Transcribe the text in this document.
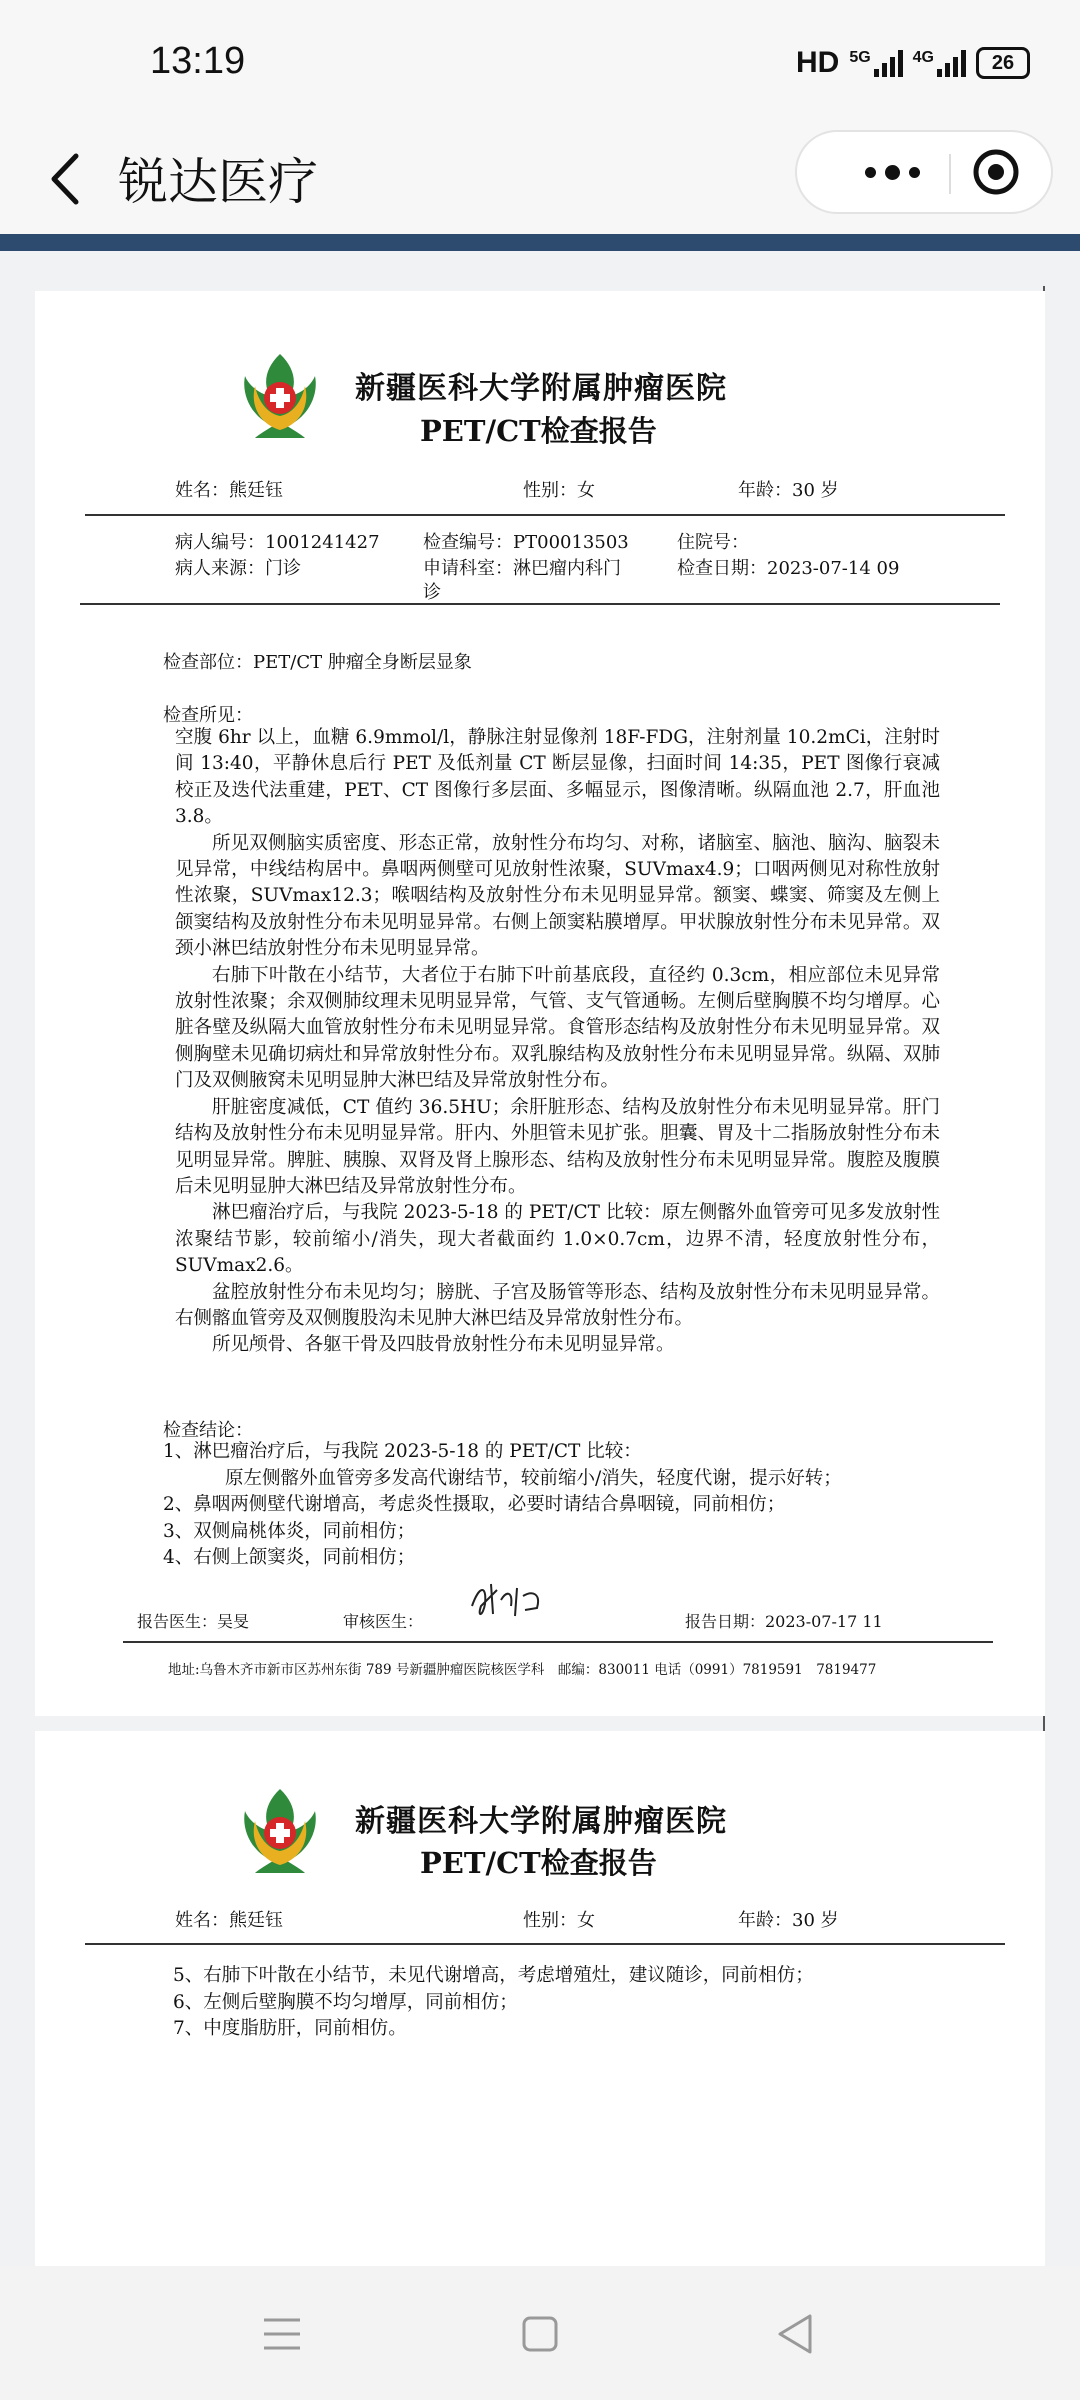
13:19	HD 5G	4G	26
锐达医疗
新疆医科大学附属肿瘤医院
PET/CT检查报告
姓名：熊廷钰	性别：女	年龄：30 岁
病人编号：1001241427 检查编号：PT00013503	住院号：
病人来源：门诊	申请科室：淋巴瘤内科门	检查日期：2023-07-14 09
诊
检查部位：PET/CT 肿瘤全身断层显象
检查所见：

空腹 6hr 以上，血糖 6.9mmol/l，静脉注射显像剂 18F-FDG，注射剂量 10.2mCi，注射时间 13:40，平静休息后行 PET 及低剂量 CT 断层显像，扫面时间 14:35，PET 图像行衰减校正及迭代法重建，PET、CT 图像行多层面、多幅显示，图像清晰。纵隔血池 2.7，肝血池 3.8。

所见双侧脑实质密度、形态正常，放射性分布均匀、对称，诸脑室、脑池、脑沟、脑裂未见异常，中线结构居中。鼻咽两侧壁可见放射性浓聚，SUVmax4.9；口咽两侧见对称性放射性浓聚，SUVmax12.3；喉咽结构及放射性分布未见明显异常。额窦、蝶窦、筛窦及左侧上颌窦结构及放射性分布未见明显异常。右侧上颌窦粘膜增厚。甲状腺放射性分布未见异常。双颈小淋巴结放射性分布未见明显异常。

右肺下叶散在小结节，大者位于右肺下叶前基底段，直径约 0.3cm，相应部位未见异常放射性浓聚；余双侧肺纹理未见明显异常，气管、支气管通畅。左侧后壁胸膜不均匀增厚。心脏各壁及纵隔大血管放射性分布未见明显异常。食管形态结构及放射性分布未见明显异常。双侧胸壁未见确切病灶和异常放射性分布。双乳腺结构及放射性分布未见明显异常。纵隔、双肺门及双侧腋窝未见明显肿大淋巴结及异常放射性分布。

肝脏密度减低，CT 值约 36.5HU；余肝脏形态、结构及放射性分布未见明显异常。肝门结构及放射性分布未见明显异常。肝内、外胆管未见扩张。胆囊、胃及十二指肠放射性分布未见明显异常。脾脏、胰腺、双肾及肾上腺形态、结构及放射性分布未见明显异常。腹腔及腹膜后未见明显肿大淋巴结及异常放射性分布。

淋巴瘤治疗后，与我院 2023-5-18 的 PET/CT 比较：原左侧髂外血管旁可见多发放射性浓聚结节影，较前缩小/消失，现大者截面约 1.0×0.7cm，边界不清，轻度放射性分布，SUVmax2.6。

盆腔放射性分布未见均匀；膀胱、子宫及肠管等形态、结构及放射性分布未见明显异常。右侧髂血管旁及双侧腹股沟未见肿大淋巴结及异常放射性分布。

所见颅骨、各躯干骨及四肢骨放射性分布未见明显异常。

检查结论：
1、淋巴瘤治疗后，与我院 2023-5-18 的 PET/CT 比较：
原左侧髂外血管旁多发高代谢结节，较前缩小/消失，轻度代谢，提示好转；
2、鼻咽两侧壁代谢增高，考虑炎性摄取，必要时请结合鼻咽镜，同前相仿；
3、双侧扁桃体炎，同前相仿；
4、右侧上颌窦炎，同前相仿；
报告医生：吴旻	审核医生：	报告日期：2023-07-17 11
地址:乌鲁木齐市新市区苏州东街 789 号新疆肿瘤医院核医学科　邮编：830011 电话（0991）7819591　7819477
新疆医科大学附属肿瘤医院
PET/CT检查报告
姓名：熊廷钰	性别：女	年龄：30 岁
5、右肺下叶散在小结节，未见代谢增高，考虑增殖灶，建议随诊，同前相仿；
6、左侧后壁胸膜不均匀增厚，同前相仿；
7、中度脂肪肝，同前相仿。
